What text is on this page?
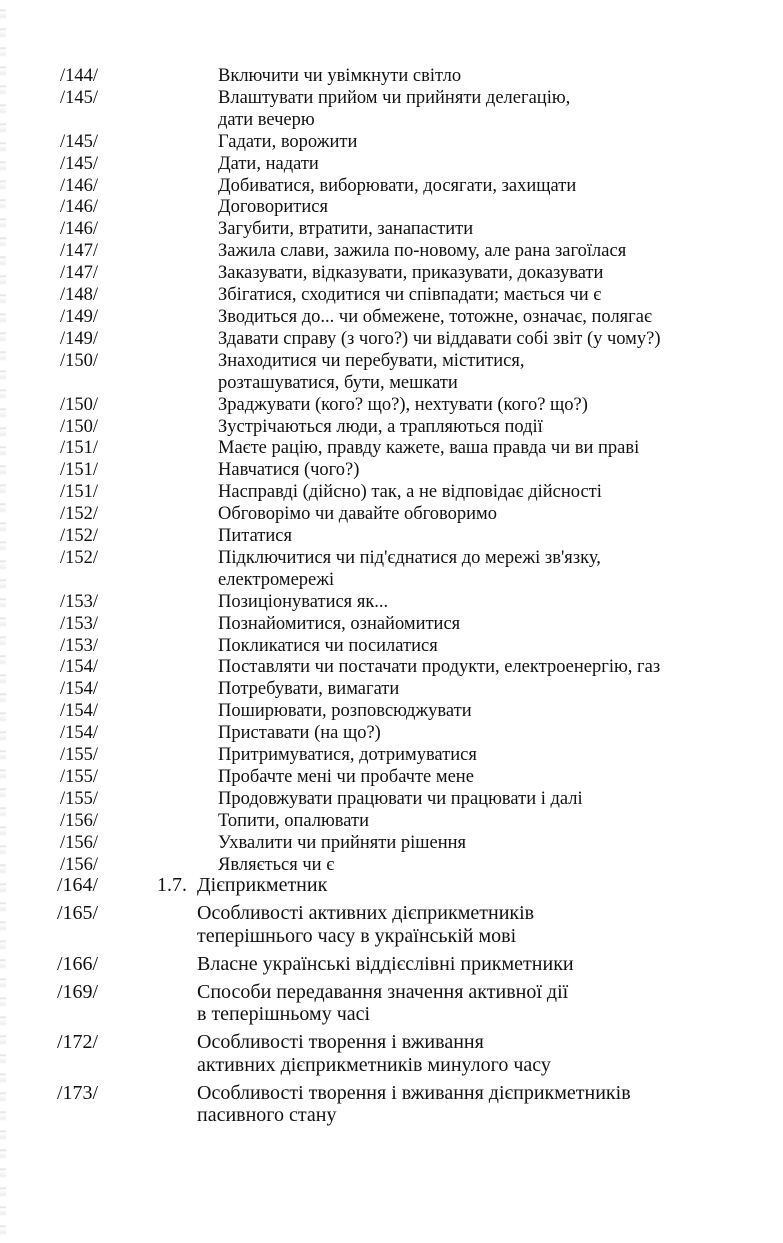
/144/	Включити чи увімкнути світло
/145/	Влаштувати прийом чи прийняти делегацію,
дати вечерю
/145/	Гадати, ворожити
/145/	Дати, надати
/146/	Добиватися, виборювати, досягати, захищати
/146/	Договоритися
/146/	Загубити, втратити, занапастити
/147/	Зажила слави, зажила по-новому, але рана загоїлася
/147/	Заказувати, відказувати, приказувати, доказувати
/148/	Збігатися, сходитися чи співпадати; мається чи є
/149/	Зводиться до... чи обмежене, тотожне, означає, полягає
/149/	Здавати справу (з чого?) чи віддавати собі звіт (у чому?)
/150/	Знаходитися чи перебувати, міститися,
розташуватися, бути, мешкати
/150/	Зраджувати (кого? що?), нехтувати (кого? що?)
/150/	Зустрічаються люди, а трапляються події
/151/	Маєте рацію, правду кажете, ваша правда чи ви праві
/151/	Навчатися (чого?)
/151/	Насправді (дійсно) так, а не відповідає дійсності
/152/	Обговорімо чи давайте обговоримо
/152/	Питатися
/152/	Підключитися чи під'єднатися до мережі зв'язку,
електромережі
/153/	Позиціонуватися як...
/153/	Познайомитися, ознайомитися
/153/	Покликатися чи посилатися
/154/	Поставляти чи постачати продукти, електроенергію, газ
/154/	Потребувати, вимагати
/154/	Поширювати, розповсюджувати
/154/	Приставати (на що?)
/155/	Притримуватися, дотримуватися
/155/	Пробачте мені чи пробачте мене
/155/	Продовжувати працювати чи працювати і далі
/156/	Топити, опалювати
/156/	Ухвалити чи прийняти рішення
/156/	Являється чи є
/164/	1.7. Дієприкметник
/165/	Особливості активних дієприкметників
теперішнього часу в українській мові
/166/	Власне українські віддієслівні прикметники
/169/	Способи передавання значення активної дії
в теперішньому часі
/172/	Особливості творення і вживання
активних дієприкметників минулого часу
/173/	Особливості творення і вживання дієприкметників
пасивного стану
